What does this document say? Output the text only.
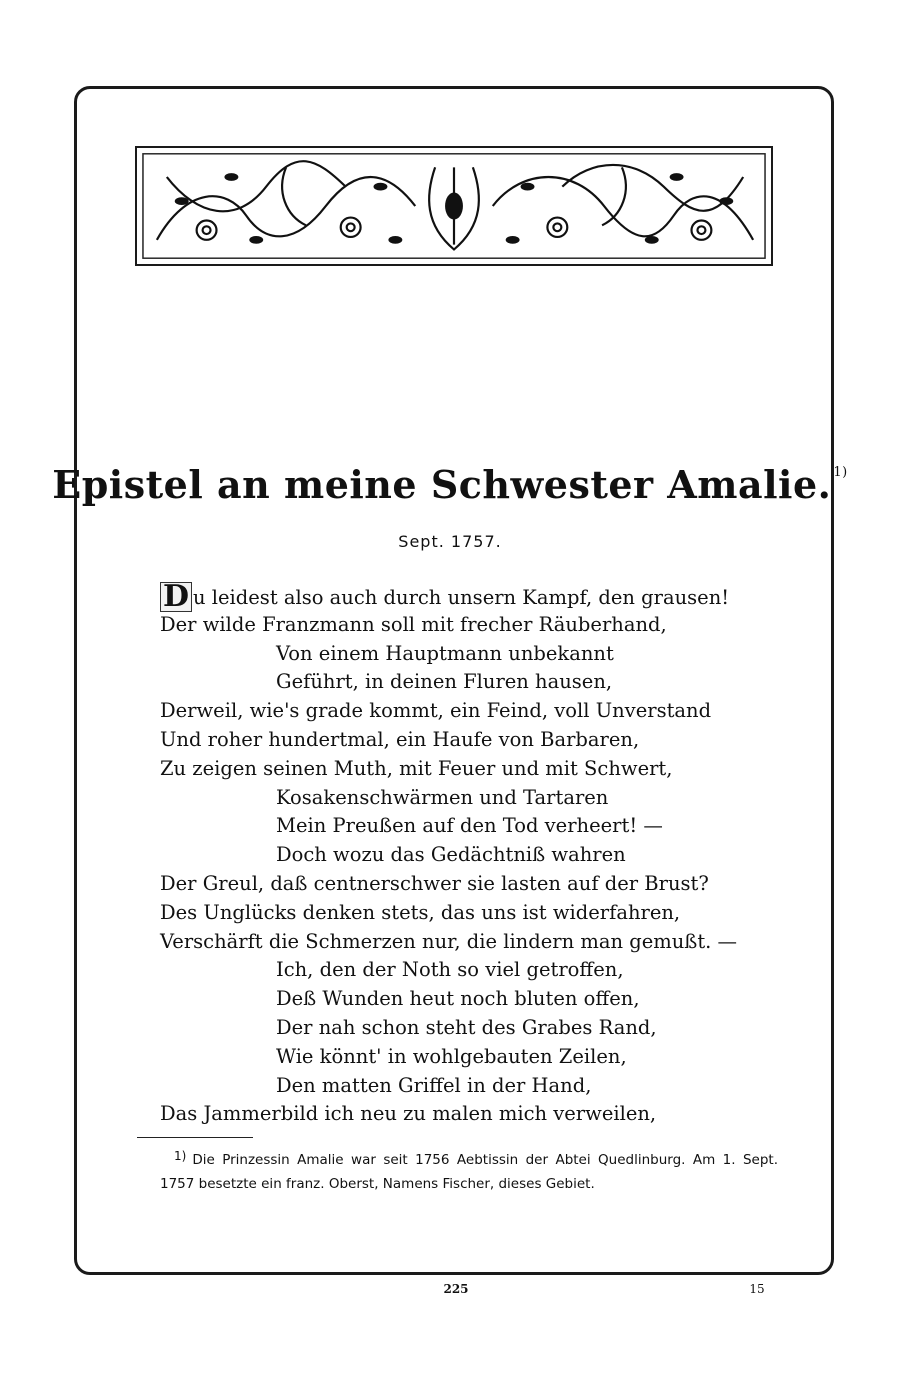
Epistel an meine Schwester Amalie. $^{1)}$
Sept. 1757.
D u leidest also auch durch unsern Kampf, den grausen!
Der wilde Franzmann soll mit frecher Räuberhand,
Von einem Hauptmann unbekannt
Geführt, in deinen Fluren hausen,
Derweil, wie's grade kommt, ein Feind, voll Unverstand
Und roher hundertmal, ein Haufe von Barbaren,
Zu zeigen seinen Muth, mit Feuer und mit Schwert,
Kosakenschwärmen und Tartaren
Mein Preußen auf den Tod verheert! —
Doch wozu das Gedächtniß wahren
Der Greul, daß centnerschwer sie lasten auf der Brust?
Des Unglücks denken stets, das uns ist widerfahren,
Verschärft die Schmerzen nur, die lindern man gemußt. —
Ich, den der Noth so viel getroffen,
Deß Wunden heut noch bluten offen,
Der nah schon steht des Grabes Rand,
Wie könnt' in wohlgebauten Zeilen,
Den matten Griffel in der Hand,
Das Jammerbild ich neu zu malen mich verweilen,
1) Die Prinzessin Amalie war seit 1756 Aebtissin der Abtei Quedlinburg. Am 1. Sept. 1757 besetzte ein franz. Oberst, Namens Fischer, dieses Gebiet.
225	15
